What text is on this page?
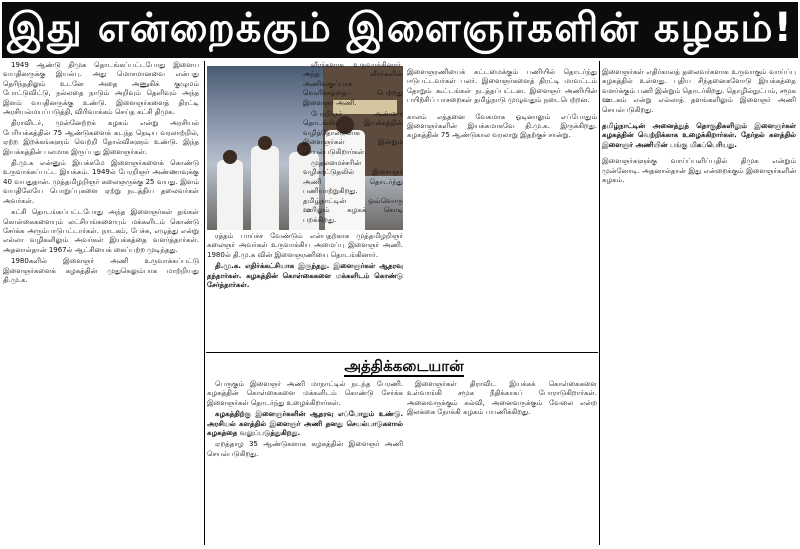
இது என்றைக்கும் இளைஞர்களின் கழகம்!

1949 ஆண்டு திமுக தொடங்கப்பட்டபோது இளைய வயதினருக்கு இயல்பு. அது மொசமானவை என்பது தெரிந்ததிலும் உடனே அதை அணுகிக் குழுமம் போட்டுவிட்டு, நல்லதை நாடும் அறிவும் தெளிவும் அந்த இளம் வயதினருக்கு உண்டு. இளைஞர்களைத் திரட்டி அரசியல்மயப்படுத்தி, விரிவாக்கம் செய்த கட்சி திமுக.

திராவிடர், முன்னேற்றக் கழகம் என்று அரசியல் பேரியக்கத்தின் 75 ஆண்டுகளைக் கடந்த நெடிய வரலாற்றில், ஏற்ற இறக்கங்களும் வெற்றி தோல்விகளும் உண்டு. இந்த இயக்கத்தின் பலமாக இருப்பது இளைஞர்கள்.

தி.மு.க என்னும் இயக்கமே இளைஞர்களைக் கொண்டு உருவாக்கப்பட்ட இயக்கம். 1949ல் பேரறிஞர் அண்ணாவுக்கு 40 வயதுதான். முத்தமிழறிஞர் கலைஞருக்கு 25 வயது. இளம் வயதிலேயே பொறுப்புகளை ஏற்று நடத்திய தலைவர்கள் அவர்கள்.

கட்சி தொடங்கப்பட்டபோது அந்த இளைஞர்கள் தங்கள் கொள்கைகளையும் லட்சியங்களையும் மக்களிடம் கொண்டு சேர்க்க அரும்பாடுபட்டார்கள். நாடகம், பேச்சு, எழுத்து என்று எல்லா வழிகளிலும் அவர்கள் இயக்கத்தை வளர்த்தார்கள். அதனால்தான் 1967ல் ஆட்சியைக் கைப்பற்ற முடிந்தது.

1980களில் இளைஞர் அணி உருவாக்கப்பட்டு இளைஞர்களைக் கழகத்தின் முதுகெலும்பாக மாற்றியது தி.மு.க.

வீரர்களாக உருவாக்கினார். அந்த வீரர்களின் அணிவகுப்பாக வெளிச்சத்தைப் பெற்றது இளைஞர் அணி.

பேரறிஞர் அண்ணா தொடங்கிய இயக்கத்தின் வழித்தோன்றலாக இளைஞர்கள் இன்றும் செயல்படுகிறார்கள்.

முதலமைச்சரின் வழிகாட்டுதலில் இளைஞர் அணி தொடர்ந்து பணியாற்றுகிறது. தமிழ்நாட்டின் ஒவ்வொரு ஊரிலும் கழகக் கொடி பறக்கிறது.

ரத்தம் பாய்ச்ச வேண்டும் என்பதற்காக முத்தமிழறிஞர் கலைஞர் அவர்கள் உருவாக்கிய அமைப்பு இளைஞர் அணி. 1980ல் தி.மு.க வின் இளைஞரணியை தொடங்கினார்.

தி.மு.க. எதிர்க்கட்சியாக இருந்தது. இளைஞர்கள் ஆதரவு தந்தார்கள். கழகத்தின் கொள்கைகளை மக்களிடம் கொண்டு சேர்த்தார்கள்.

இளைஞரணியைக் கட்டமைக்கும் பணியில் தொடர்ந்து ஈடுபட்டவர்கள் பலர். இளைஞர்களைத் திரட்டி மாவட்டம் தோறும் கூட்டங்கள் நடத்தப்பட்டன. இளைஞர் அணியின் பயிற்சிப் பாசறைகள் தமிழ்நாடு முழுவதும் நடைபெற்றன.

காலம் எத்தனை வேகமாக ஓடினாலும் எப்போதும் இளைஞர்களின் இயக்கமாகவே தி.மு.க. இருக்கிறது. கழகத்தின் 75 ஆண்டுகால வரலாறு இதற்குச் சான்று.

இளைஞர்கள் எதிர்காலத் தலைவர்களாக உருவாகும் வாய்ப்பு கழகத்தில் உள்ளது. புதிய சிந்தனைகளோடு இயக்கத்தை வளர்க்கும் பணி இன்றும் தொடர்கிறது. தொழில்நுட்பம், சமூக ஊடகம் என்று எல்லாத் தளங்களிலும் இளைஞர் அணி செயல்படுகிறது.

தமிழ்நாட்டின் அனைத்துத் தொகுதிகளிலும் இளைஞர்கள் கழகத்தின் வெற்றிக்காக உழைக்கிறார்கள். தேர்தல் களத்தில் இளைஞர் அணியின் பங்கு மிகப்பெரியது.

இளைஞர்களுக்கு வாய்ப்பளிப்பதில் திமுக என்றும் முன்னோடி. அதனால்தான் இது என்றைக்கும் இளைஞர்களின் கழகம்.

அத்திக்கடையான்

பெருகும் இளைஞர் அணி மாநாட்டில் நடந்த பேரணி. கழகத்தின் கொள்கைகளை மக்களிடம் கொண்டு சேர்க்க இளைஞர்கள் தொடர்ந்து உழைக்கிறார்கள்.

கழகத்திற்கு இளைஞர்களின் ஆதரவு எப்போதும் உண்டு. அரசியல் களத்தில் இளைஞர் அணி தனது செயல்பாடுகளால் கழகத்தை வலுப்படுத்துகிறது.

ஏறத்தாழ 35 ஆண்டுகளாக கழகத்தின் இளைஞர் அணி செயல்படுகிறது.

இளைஞர்கள் திராவிட இயக்கக் கொள்கைகளை உள்வாங்கி சமூக நீதிக்காகப் போராடுகிறார்கள். அனைவருக்கும் கல்வி, அனைவருக்கும் வேலை என்ற இலக்கை நோக்கி கழகம் பயணிக்கிறது.
